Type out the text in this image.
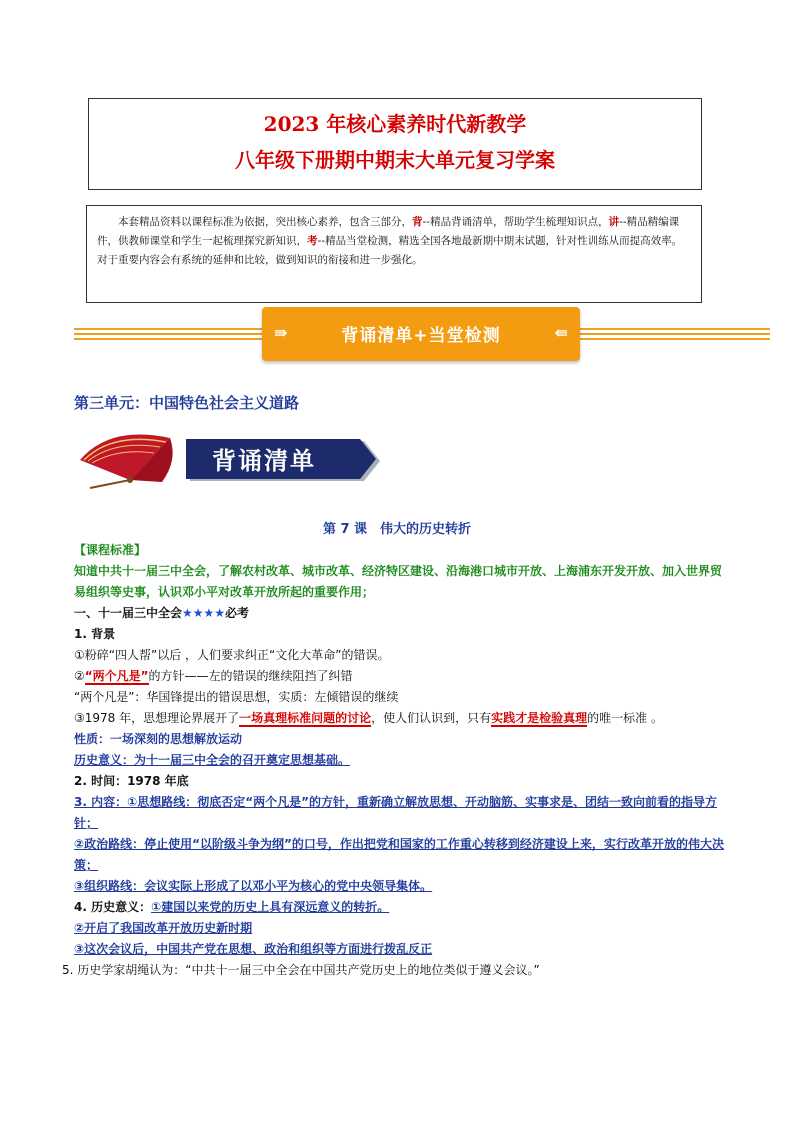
2023 年核心素养时代新教学
八年级下册期中期末大单元复习学案
本套精品资料以课程标准为依据，突出核心素养，包含三部分，背--精品背诵清单，帮助学生梳理知识点，讲--精品精编课件，供教师课堂和学生一起梳理探究新知识，考--精品当堂检测，精选全国各地最新期中期末试题，针对性训练从而提高效率。对于重要内容会有系统的延伸和比较，做到知识的衔接和进一步强化。
⇛	背诵清单+当堂检测	⇚
第三单元：中国特色社会主义道路
背诵清单
第 7 课　伟大的历史转折

【课程标准】

知道中共十一届三中全会，了解农村改革、城市改革、经济特区建设、沿海港口城市开放、上海浦东开发开放、加入世界贸易组织等史事，认识邓小平对改革开放所起的重要作用；

一、十一届三中全会★★★★必考

1. 背景

①粉碎“四人帮”以后 ，人们要求纠正“文化大革命”的错误。

②“两个凡是”的方针——左的错误的继续阻挡了纠错

“两个凡是”：华国锋提出的错误思想，实质：左倾错误的继续

③1978 年，思想理论界展开了一场真理标准问题的讨论，使人们认识到，只有实践才是检验真理的唯一标准 。

性质：一场深刻的思想解放运动

历史意义：为十一届三中全会的召开奠定思想基础。

2. 时间：1978 年底

3. 内容：①思想路线：彻底否定“两个凡是”的方针，重新确立解放思想、开动脑筋、实事求是、团结一致向前看的指导方针；

②政治路线：停止使用“以阶级斗争为纲”的口号，作出把党和国家的工作重心转移到经济建设上来，实行改革开放的伟大决策；

③组织路线：会议实际上形成了以邓小平为核心的党中央领导集体。

4. 历史意义：①建国以来党的历史上具有深远意义的转折。

②开启了我国改革开放历史新时期

③这次会议后，中国共产党在思想、政治和组织等方面进行拨乱反正

5. 历史学家胡绳认为：“中共十一届三中全会在中国共产党历史上的地位类似于遵义会议。”
